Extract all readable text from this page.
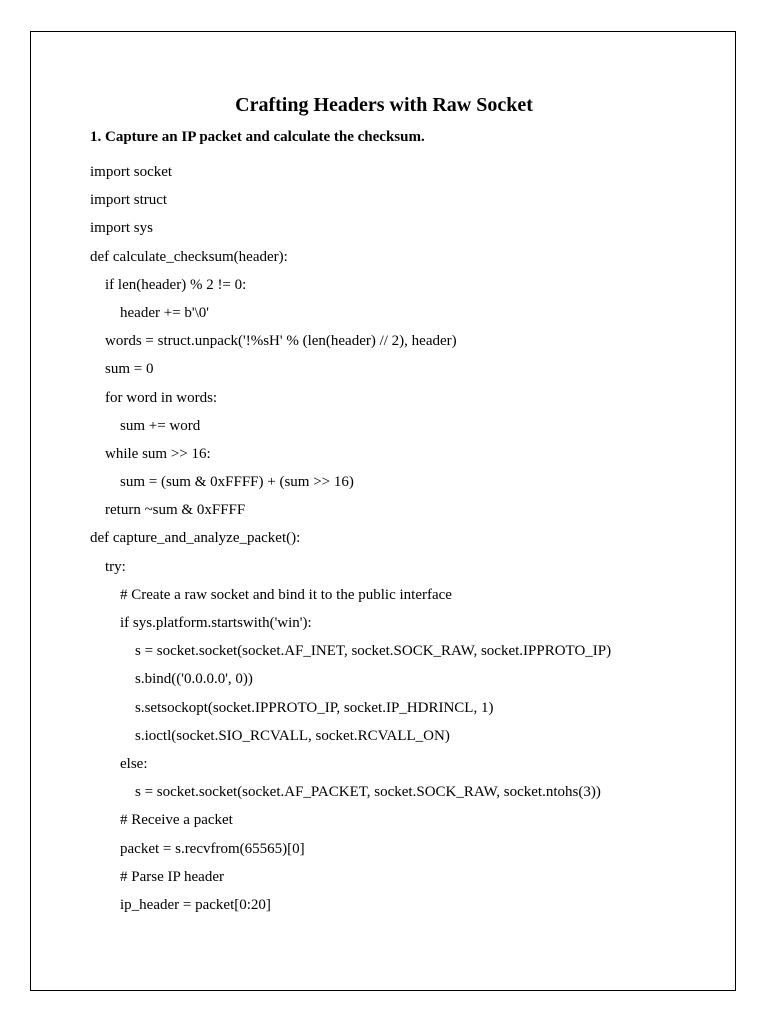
Crafting Headers with Raw Socket
1. Capture an IP packet and calculate the checksum.
import socket
import struct
import sys
def calculate_checksum(header):
if len(header) % 2 != 0:
header += b'\0'
words = struct.unpack('!%sH' % (len(header) // 2), header)
sum = 0
for word in words:
sum += word
while sum >> 16:
sum = (sum & 0xFFFF) + (sum >> 16)
return ~sum & 0xFFFF
def capture_and_analyze_packet():
try:
# Create a raw socket and bind it to the public interface
if sys.platform.startswith('win'):
s = socket.socket(socket.AF_INET, socket.SOCK_RAW, socket.IPPROTO_IP)
s.bind(('0.0.0.0', 0))
s.setsockopt(socket.IPPROTO_IP, socket.IP_HDRINCL, 1)
s.ioctl(socket.SIO_RCVALL, socket.RCVALL_ON)
else:
s = socket.socket(socket.AF_PACKET, socket.SOCK_RAW, socket.ntohs(3))
# Receive a packet
packet = s.recvfrom(65565)[0]
# Parse IP header
ip_header = packet[0:20]
